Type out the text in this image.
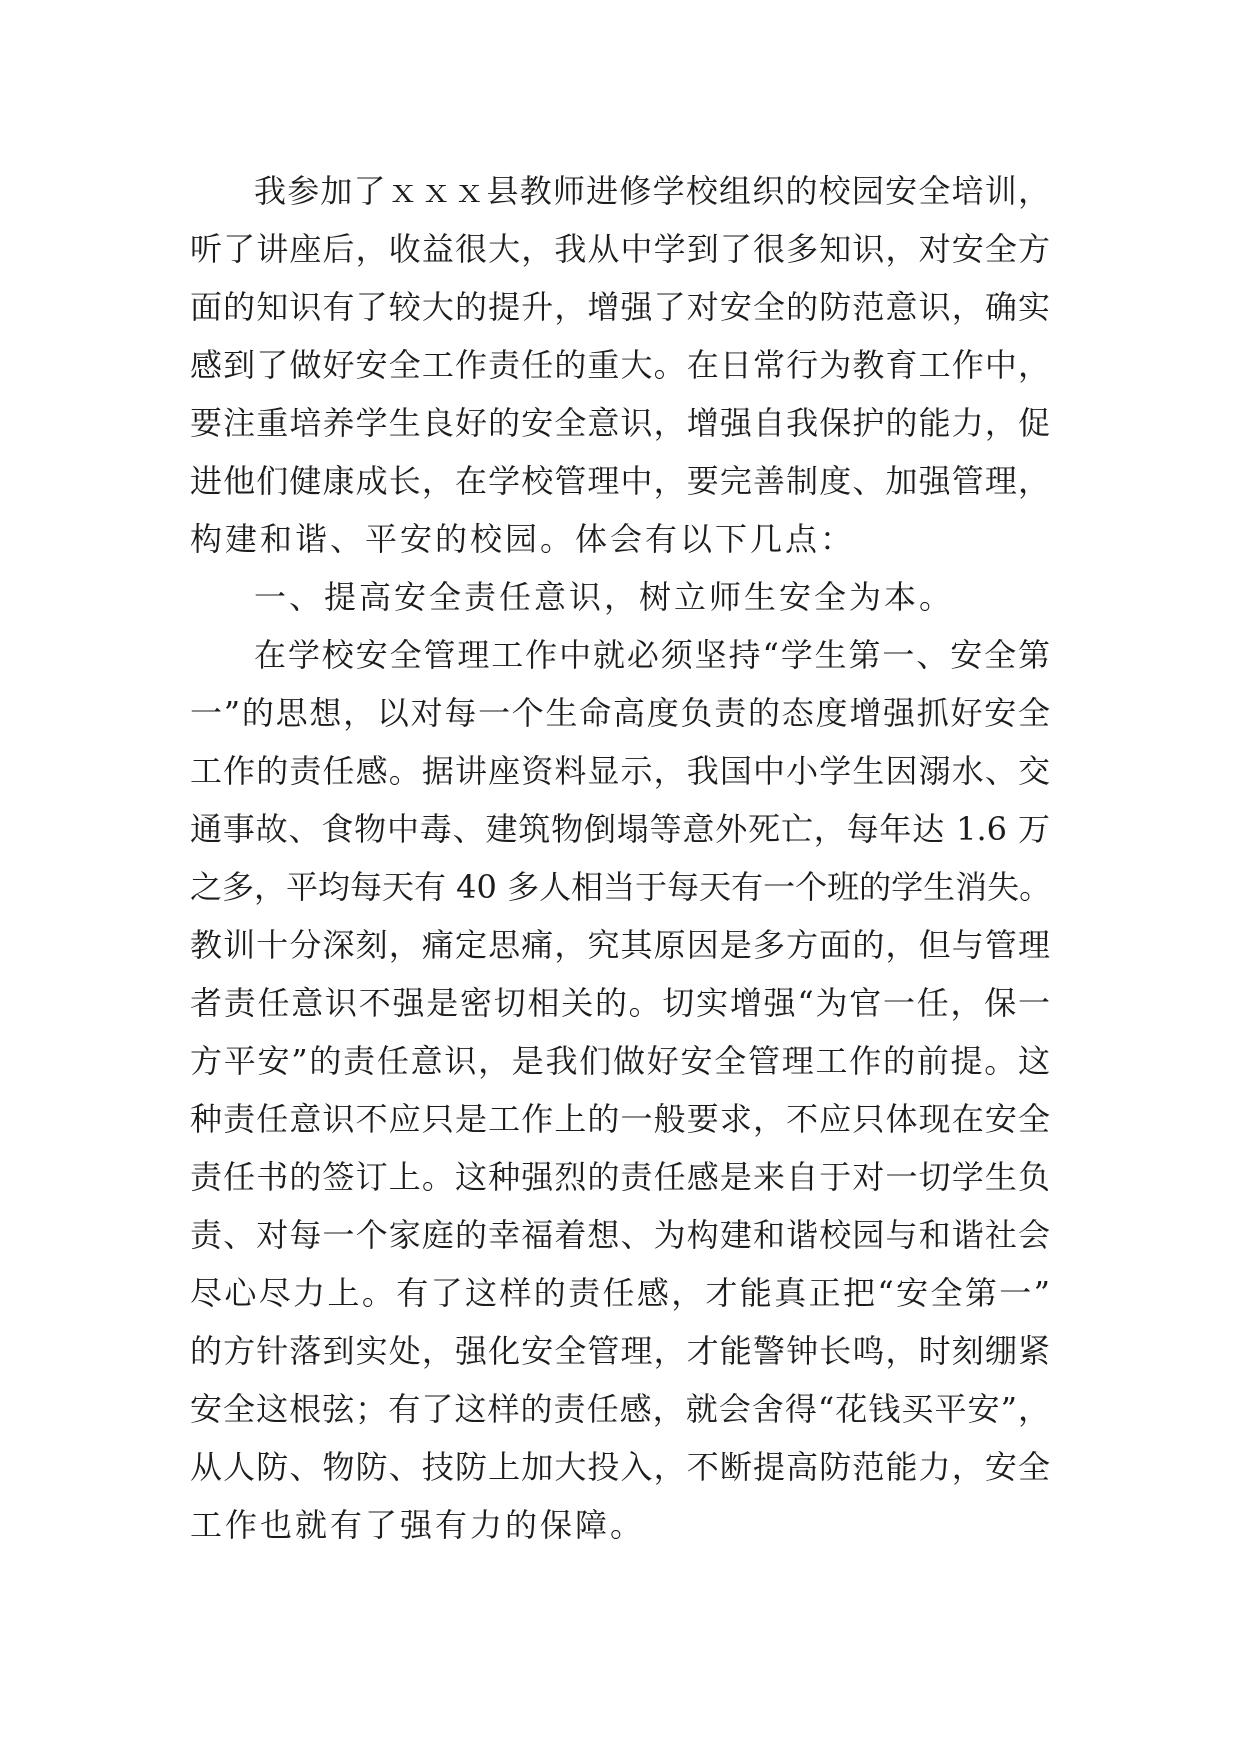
我参加了ｘｘｘ县教师进修学校组织的校园安全培训，
听了讲座后，收益很大，我从中学到了很多知识，对安全方
面的知识有了较大的提升，增强了对安全的防范意识，确实
感到了做好安全工作责任的重大。在日常行为教育工作中，
要注重培养学生良好的安全意识，增强自我保护的能力，促
进他们健康成长，在学校管理中，要完善制度、加强管理，
构建和谐、平安的校园。体会有以下几点：
一、提高安全责任意识，树立师生安全为本。
在学校安全管理工作中就必须坚持“学生第一、安全第
一”的思想，以对每一个生命高度负责的态度增强抓好安全
工作的责任感。据讲座资料显示，我国中小学生因溺水、交
通事故、食物中毒、建筑物倒塌等意外死亡，每年达 1.6 万
之多，平均每天有 40 多人相当于每天有一个班的学生消失。
教训十分深刻，痛定思痛，究其原因是多方面的，但与管理
者责任意识不强是密切相关的。切实增强“为官一任，保一
方平安”的责任意识，是我们做好安全管理工作的前提。这
种责任意识不应只是工作上的一般要求，不应只体现在安全
责任书的签订上。这种强烈的责任感是来自于对一切学生负
责、对每一个家庭的幸福着想、为构建和谐校园与和谐社会
尽心尽力上。有了这样的责任感，才能真正把“安全第一”
的方针落到实处，强化安全管理，才能警钟长鸣，时刻绷紧
安全这根弦；有了这样的责任感，就会舍得“花钱买平安”，
从人防、物防、技防上加大投入，不断提高防范能力，安全
工作也就有了强有力的保障。
